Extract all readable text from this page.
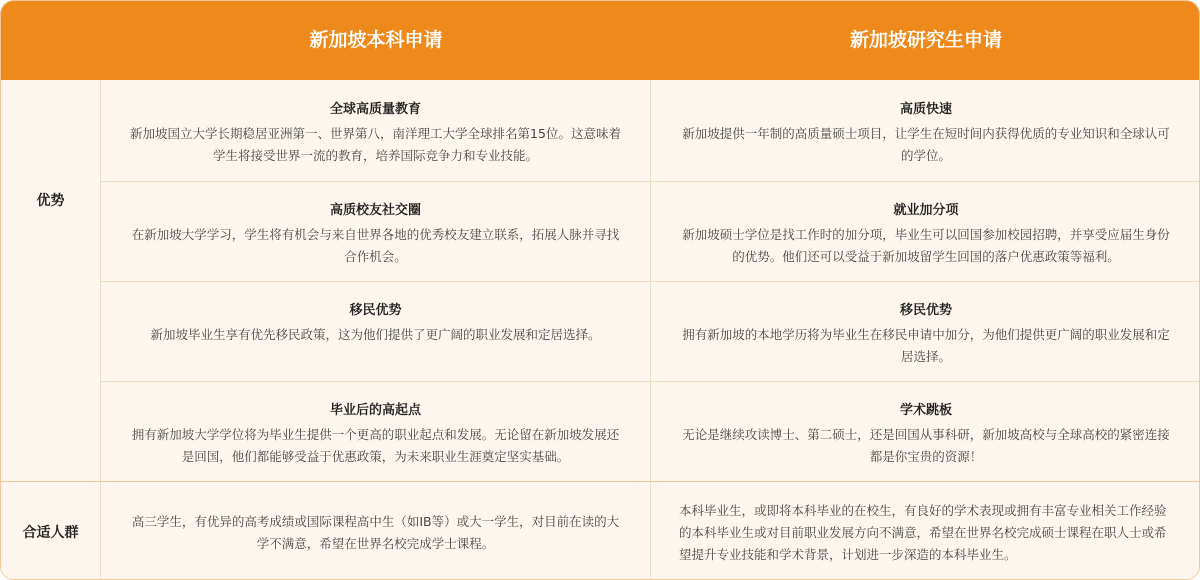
新加坡本科申请	新加坡研究生申请
优势
合适人群
全球高质量教育
新加坡国立大学长期稳居亚洲第一、世界第八，南洋理工大学全球排名第15位。这意味着学生将接受世界一流的教育，培养国际竞争力和专业技能。
高质校友社交圈
在新加坡大学学习，学生将有机会与来自世界各地的优秀校友建立联系，拓展人脉并寻找合作机会。
移民优势
新加坡毕业生享有优先移民政策，这为他们提供了更广阔的职业发展和定居选择。
毕业后的高起点
拥有新加坡大学学位将为毕业生提供一个更高的职业起点和发展。无论留在新加坡发展还是回国，他们都能够受益于优惠政策，为未来职业生涯奠定坚实基础。
高质快速
新加坡提供一年制的高质量硕士项目，让学生在短时间内获得优质的专业知识和全球认可的学位。
就业加分项
新加坡硕士学位是找工作时的加分项，毕业生可以回国参加校园招聘，并享受应届生身份的优势。他们还可以受益于新加坡留学生回国的落户优惠政策等福利。
移民优势
拥有新加坡的本地学历将为毕业生在移民申请中加分，为他们提供更广阔的职业发展和定居选择。
学术跳板
无论是继续攻读博士、第二硕士，还是回国从事科研，新加坡高校与全球高校的紧密连接都是你宝贵的资源！
高三学生，有优异的高考成绩或国际课程高中生（如IB等）或大一学生，对目前在读的大学不满意，希望在世界名校完成学士课程。
本科毕业生，或即将本科毕业的在校生，有良好的学术表现或拥有丰富专业相关工作经验的本科毕业生或对目前职业发展方向不满意，希望在世界名校完成硕士课程在职人士或希望提升专业技能和学术背景，计划进一步深造的本科毕业生。
